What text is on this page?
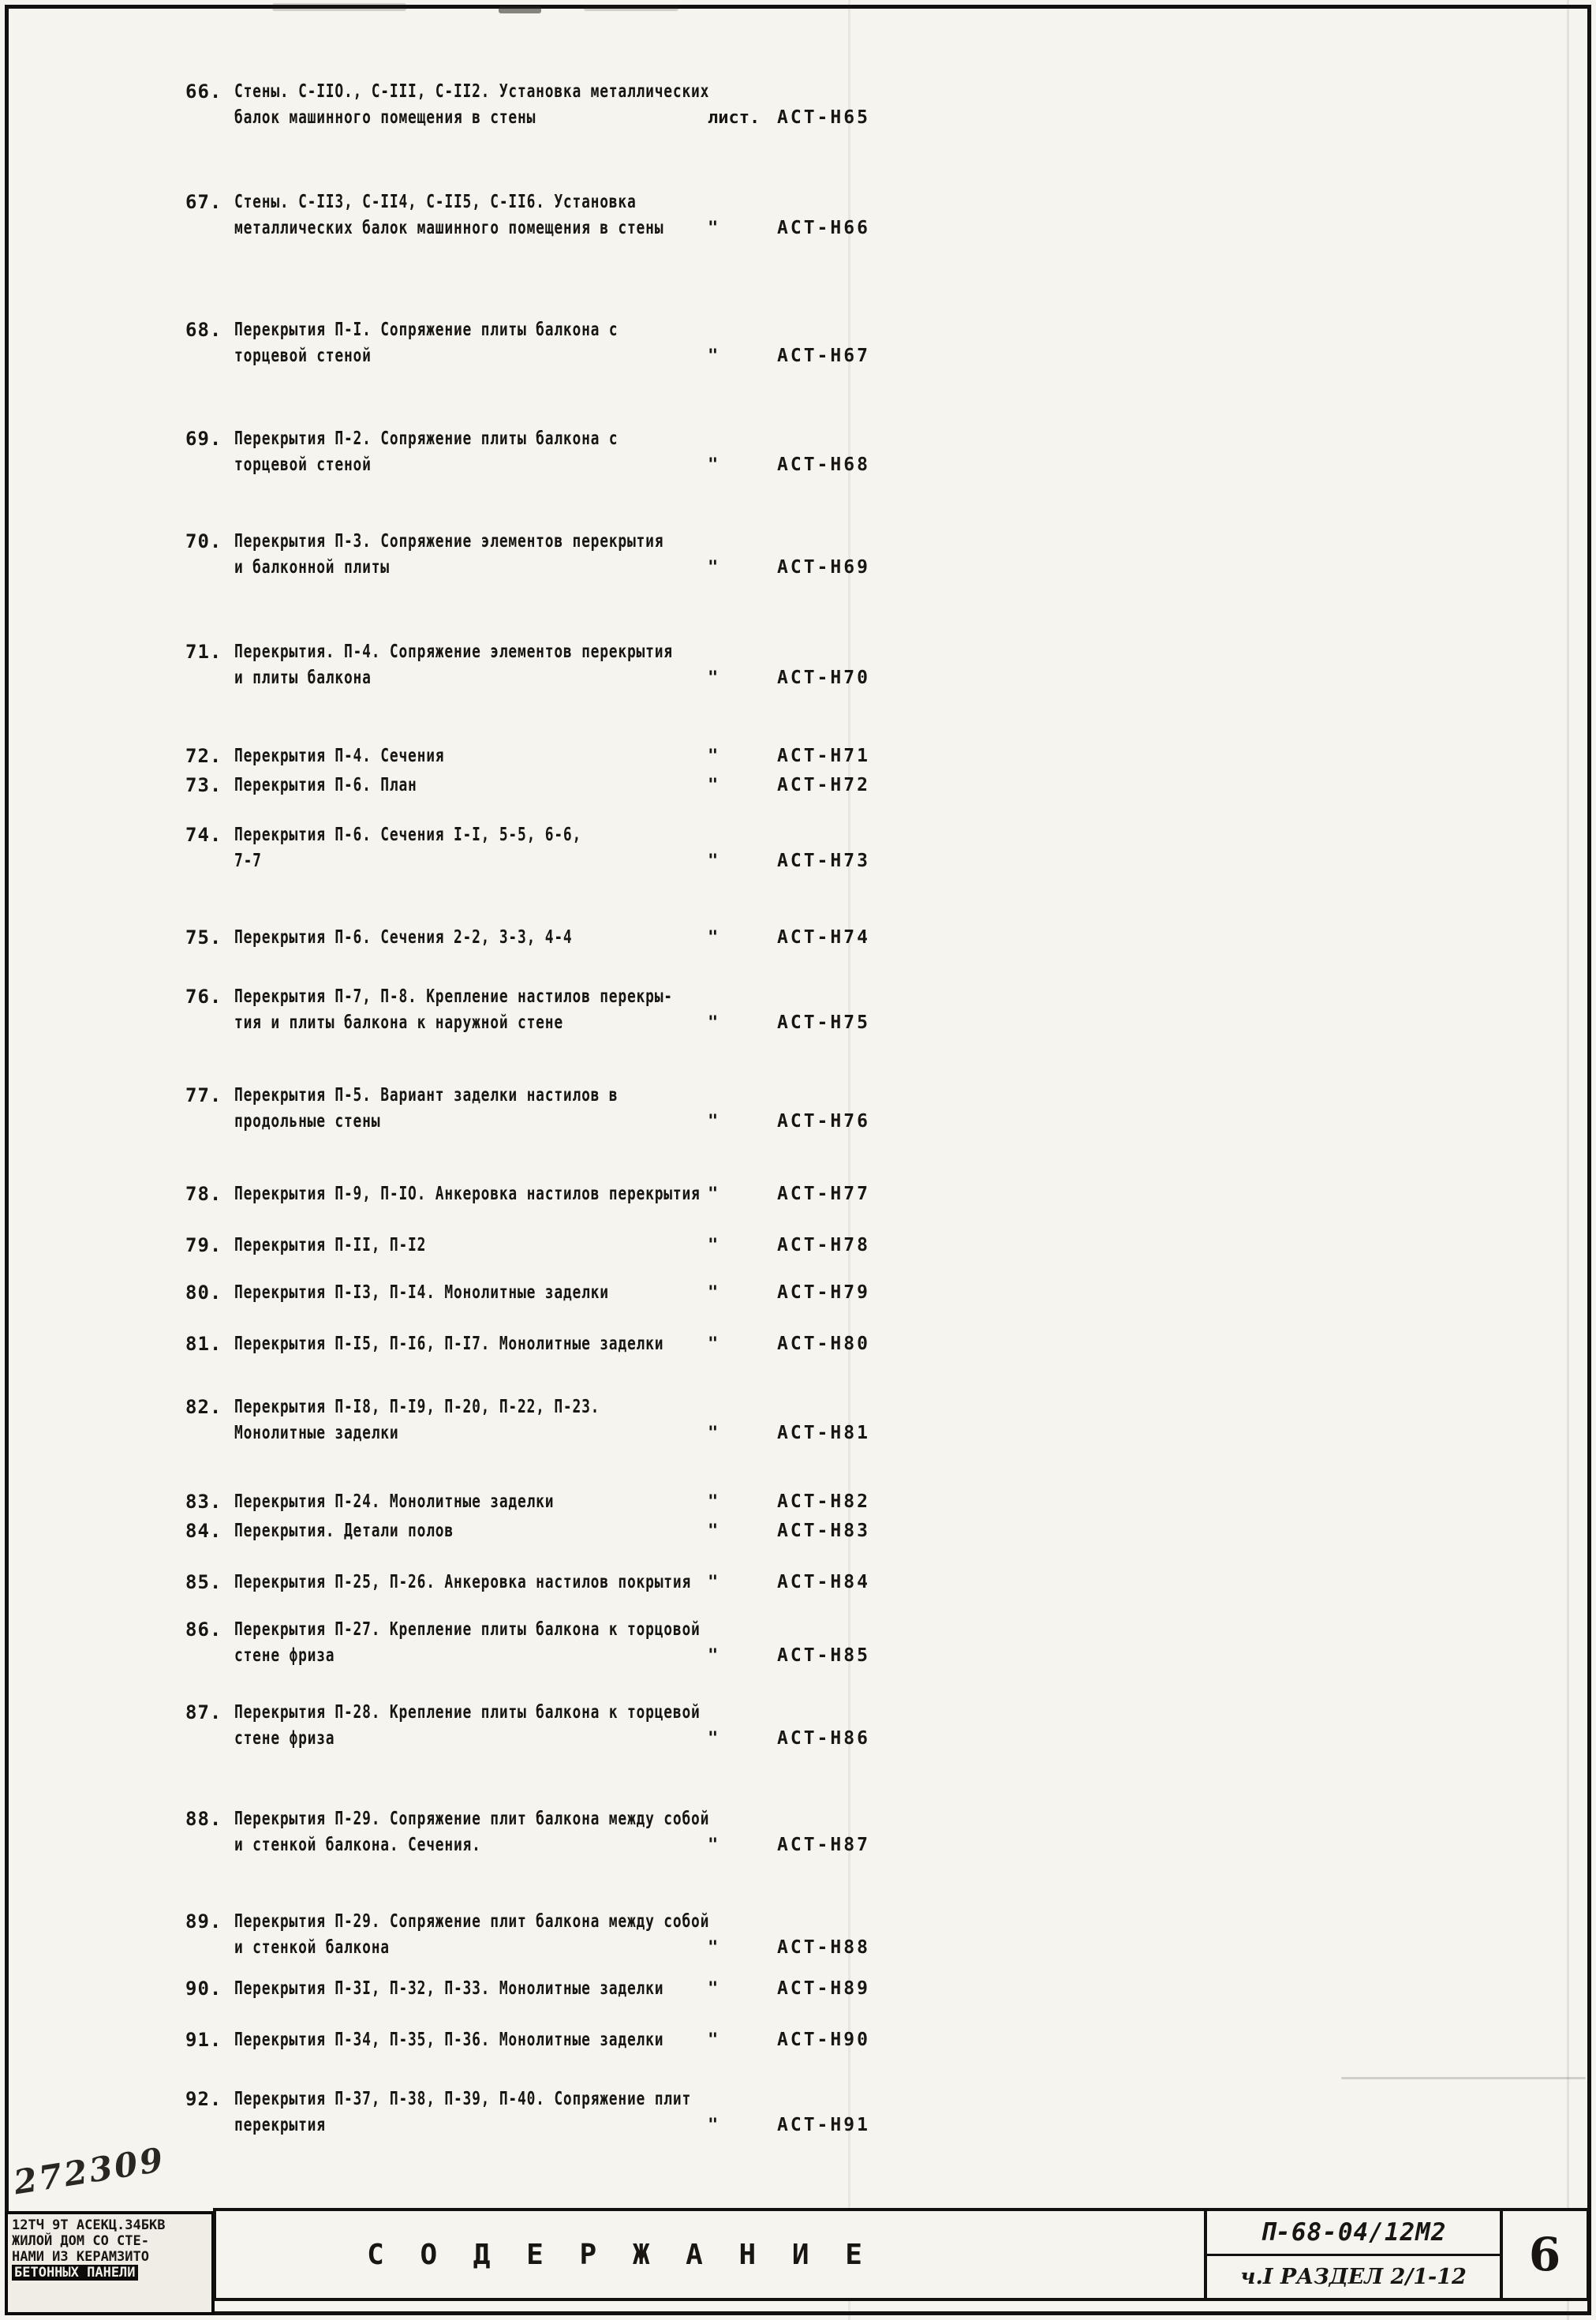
66. Стены. С-IIО., С-III, С-II2. Установка металлических
балок машинного помещения в стены	лист. АСТ-Н65
67. Стены. С-II3, С-II4, С-II5, С-II6. Установка
металлических балок машинного помещения в стены	"	АСТ-Н66
68. Перекрытия П-I. Сопряжение плиты балкона с
торцевой стеной	"	АСТ-Н67
69. Перекрытия П-2. Сопряжение плиты балкона с
торцевой стеной	"	АСТ-Н68
70. Перекрытия П-3. Сопряжение элементов перекрытия
и балконной плиты	"	АСТ-Н69
71. Перекрытия. П-4. Сопряжение элементов перекрытия
и плиты балкона	"	АСТ-Н70
72. Перекрытия П-4. Сечения	"	АСТ-Н71
73. Перекрытия П-6. План	"	АСТ-Н72
74. Перекрытия П-6. Сечения I-I, 5-5, 6-6,
7-7	"	АСТ-Н73
75. Перекрытия П-6. Сечения 2-2, 3-3, 4-4	"	АСТ-Н74
76. Перекрытия П-7, П-8. Крепление настилов перекры-
тия и плиты балкона к наружной стене	"	АСТ-Н75
77. Перекрытия П-5. Вариант заделки настилов в
продольные стены	"	АСТ-Н76
78. Перекрытия П-9, П-IО. Анкеровка настилов перекрытия "	АСТ-Н77
79. Перекрытия П-II, П-I2	"	АСТ-Н78
80. Перекрытия П-I3, П-I4. Монолитные заделки	"	АСТ-Н79
81. Перекрытия П-I5, П-I6, П-I7. Монолитные заделки	"	АСТ-Н80
82. Перекрытия П-I8, П-I9, П-20, П-22, П-23.
Монолитные заделки	"	АСТ-Н81
83. Перекрытия П-24. Монолитные заделки	"	АСТ-Н82
84. Перекрытия. Детали полов	"	АСТ-Н83
85. Перекрытия П-25, П-26. Анкеровка настилов покрытия "	АСТ-Н84
86. Перекрытия П-27. Крепление плиты балкона к торцовой
стене фриза	"	АСТ-Н85
87. Перекрытия П-28. Крепление плиты балкона к торцевой
стене фриза	"	АСТ-Н86
88. Перекрытия П-29. Сопряжение плит балкона между собой
и стенкой балкона. Сечения.	"	АСТ-Н87
89. Перекрытия П-29. Сопряжение плит балкона между собой
и стенкой балкона	"	АСТ-Н88
90. Перекрытия П-3I, П-32, П-33. Монолитные заделки	"	АСТ-Н89
91. Перекрытия П-34, П-35, П-36. Монолитные заделки	"	АСТ-Н90
92. Перекрытия П-37, П-38, П-39, П-40. Сопряжение плит
перекрытия	"	АСТ-Н91
272309
12ТЧ 9Т АСЕКЦ.34БКВ
ЖИЛОЙ ДОМ СО СТЕ-
НАМИ ИЗ КЕРАМЗИТО
БЕТОННЫХ ПАНЕЛИ
С О Д Е Р Ж А Н И Е
П-68-04/12М2
ч.I РАЗДЕЛ 2/1-12	6
